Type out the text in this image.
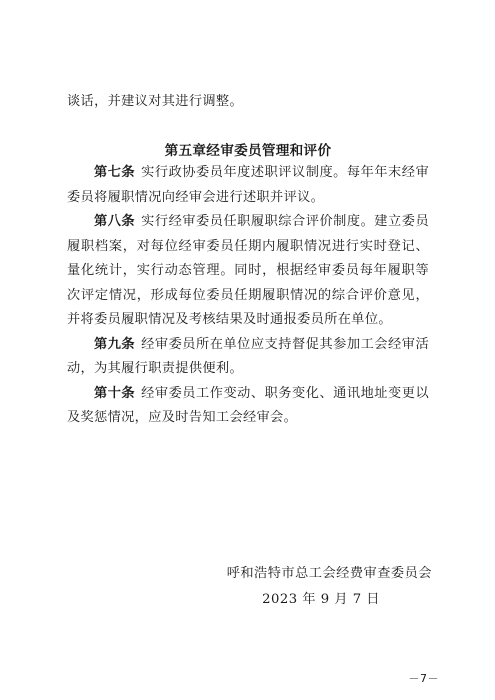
谈话，并建议对其进行调整。

第五章经审委员管理和评价

第七条 实行政协委员年度述职评议制度。每年年末经审委员将履职情况向经审会进行述职并评议。

第八条 实行经审委员任职履职综合评价制度。建立委员履职档案，对每位经审委员任期内履职情况进行实时登记、量化统计，实行动态管理。同时，根据经审委员每年履职等次评定情况，形成每位委员任期履职情况的综合评价意见，并将委员履职情况及考核结果及时通报委员所在单位。

第九条 经审委员所在单位应支持督促其参加工会经审活动，为其履行职责提供便利。

第十条 经审委员工作变动、职务变化、通讯地址变更以及奖惩情况，应及时告知工会经审会。

呼和浩特市总工会经费审查委员会
2023 年 9 月 7 日
－7－
